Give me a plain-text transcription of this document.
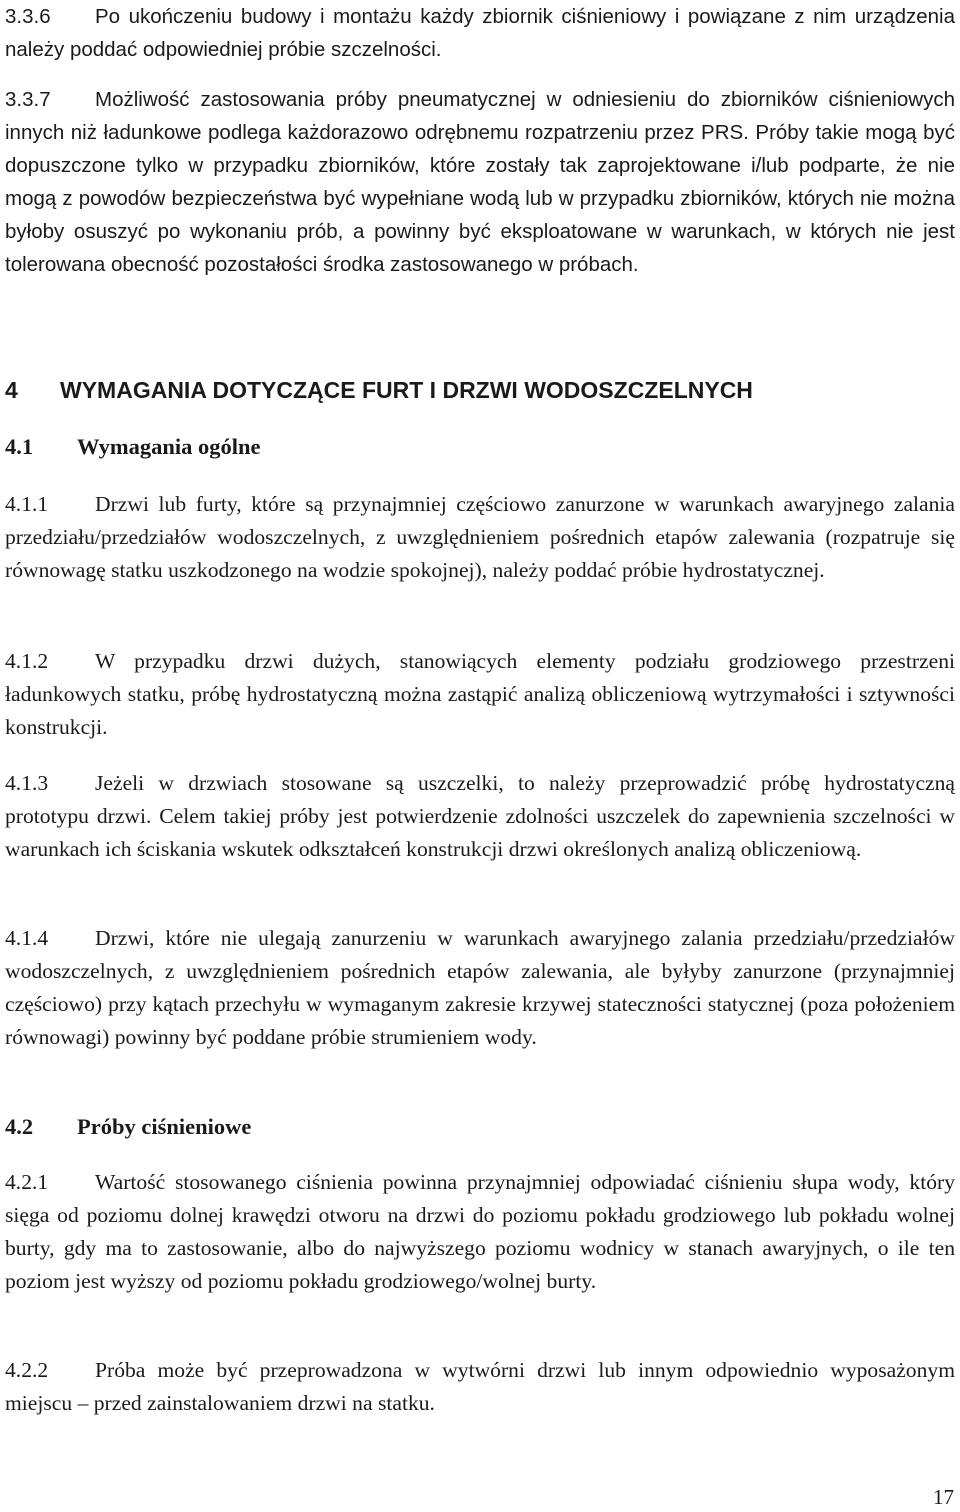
3.3.6 Po ukończeniu budowy i montażu każdy zbiornik ciśnieniowy i powiązane z nim urządzenia należy poddać odpowiedniej próbie szczelności.

3.3.7 Możliwość zastosowania próby pneumatycznej w odniesieniu do zbiorników ciśnieniowych innych niż ładunkowe podlega każdorazowo odrębnemu rozpatrzeniu przez PRS. Próby takie mogą być dopuszczone tylko w przypadku zbiorników, które zostały tak zaprojektowane i/lub podparte, że nie mogą z powodów bezpieczeństwa być wypełniane wodą lub w przypadku zbiorników, których nie można byłoby osuszyć po wykonaniu prób, a powinny być eksploatowane w warunkach, w których nie jest tolerowana obecność pozostałości środka zastosowanego w próbach.

4 WYMAGANIA DOTYCZĄCE FURT I DRZWI WODOSZCZELNYCH
4.1 Wymagania ogólne

4.1.1 Drzwi lub furty, które są przynajmniej częściowo zanurzone w warunkach awaryjnego zalania przedziału/przedziałów wodoszczelnych, z uwzględnieniem pośrednich etapów zalewania (rozpatruje się równowagę statku uszkodzonego na wodzie spokojnej), należy poddać próbie hydrostatycznej.

4.1.2 W przypadku drzwi dużych, stanowiących elementy podziału grodziowego przestrzeni ładunkowych statku, próbę hydrostatyczną można zastąpić analizą obliczeniową wytrzymałości i sztywności konstrukcji.

4.1.3 Jeżeli w drzwiach stosowane są uszczelki, to należy przeprowadzić próbę hydrostatyczną prototypu drzwi. Celem takiej próby jest potwierdzenie zdolności uszczelek do zapewnienia szczelności w warunkach ich ściskania wskutek odkształceń konstrukcji drzwi określonych analizą obliczeniową.

4.1.4 Drzwi, które nie ulegają zanurzeniu w warunkach awaryjnego zalania przedziału/przedziałów wodoszczelnych, z uwzględnieniem pośrednich etapów zalewania, ale byłyby zanurzone (przynajmniej częściowo) przy kątach przechyłu w wymaganym zakresie krzywej stateczności statycznej (poza położeniem równowagi) powinny być poddane próbie strumieniem wody.

4.2 Próby ciśnieniowe

4.2.1 Wartość stosowanego ciśnienia powinna przynajmniej odpowiadać ciśnieniu słupa wody, który sięga od poziomu dolnej krawędzi otworu na drzwi do poziomu pokładu grodziowego lub pokładu wolnej burty, gdy ma to zastosowanie, albo do najwyższego poziomu wodnicy w stanach awaryjnych, o ile ten poziom jest wyższy od poziomu pokładu grodziowego/wolnej burty.

4.2.2 Próba może być przeprowadzona w wytwórni drzwi lub innym odpowiednio wyposażonym miejscu – przed zainstalowaniem drzwi na statku.

17
